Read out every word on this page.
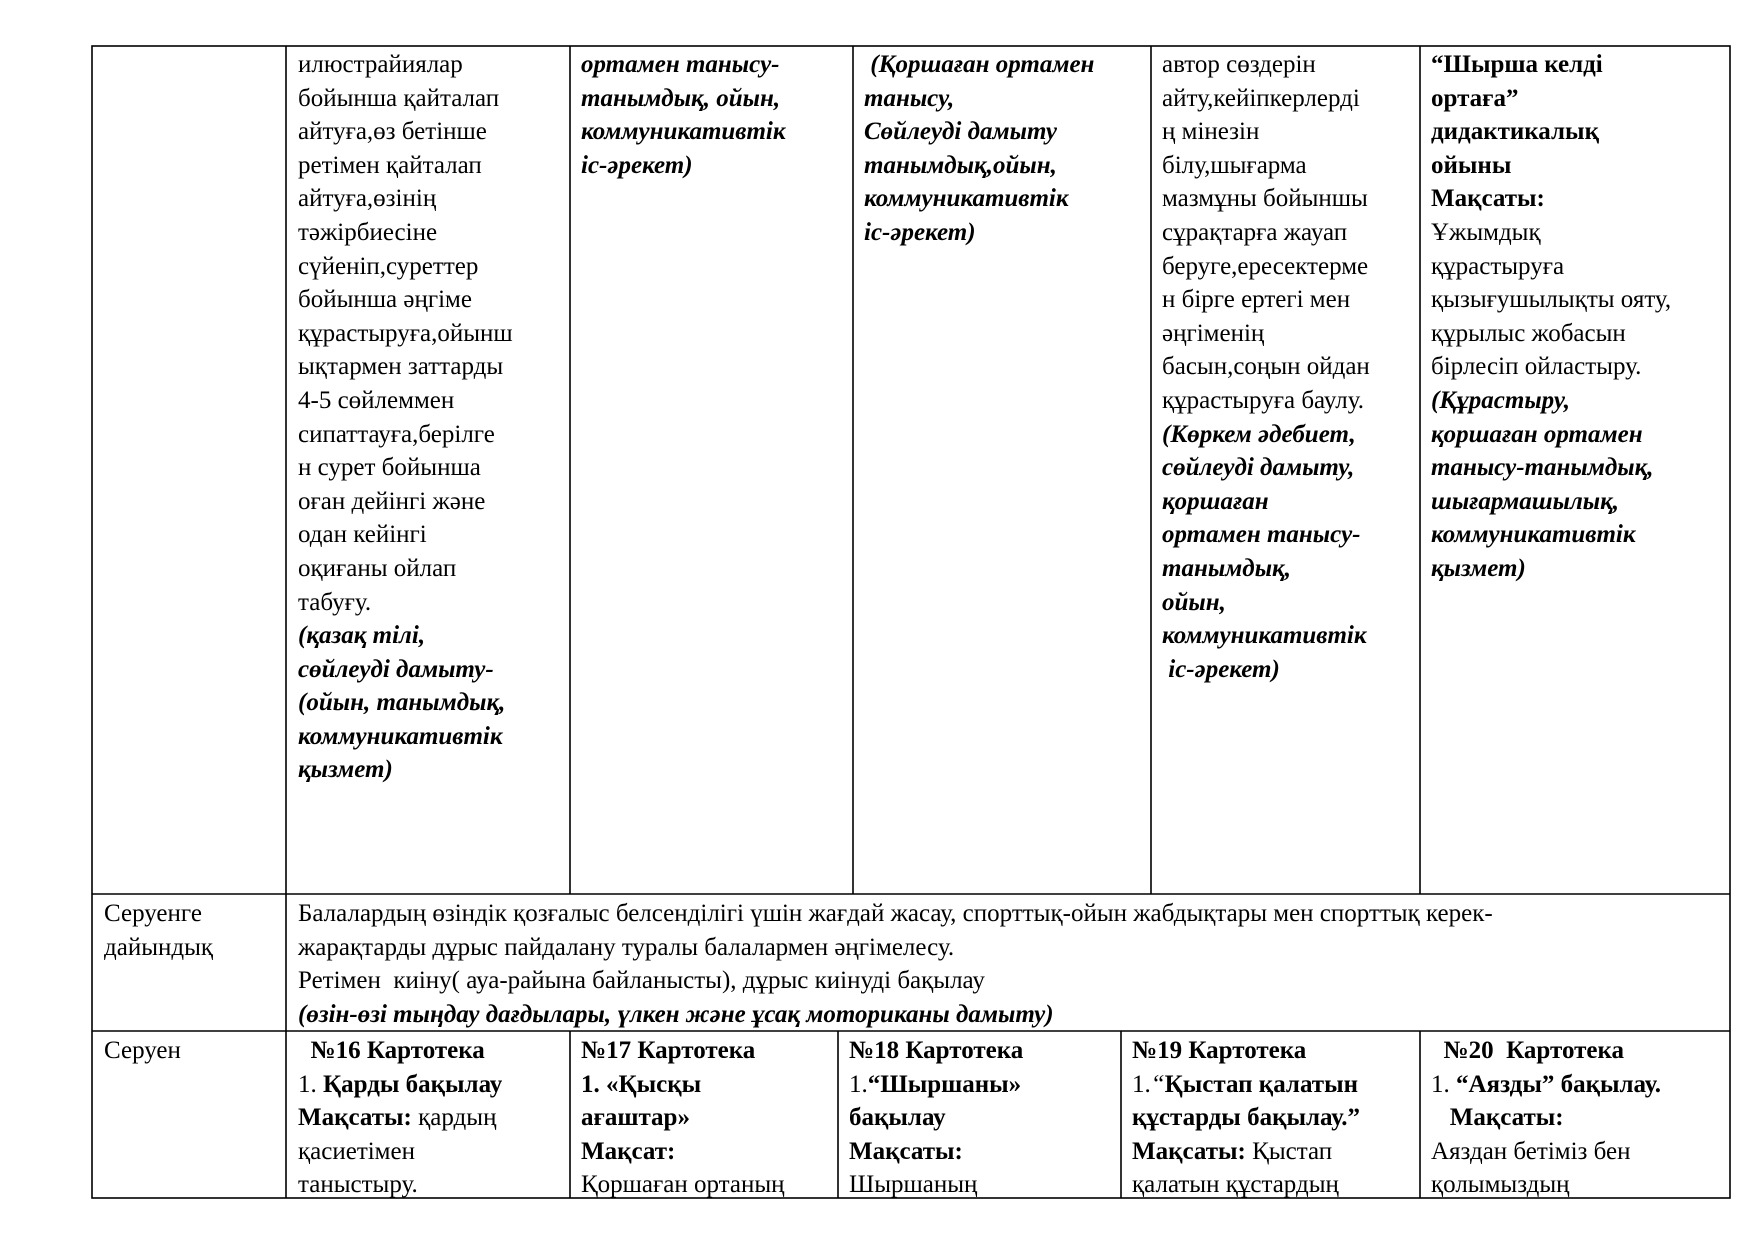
илюстрайиялар
бойынша қайталап
айтуға,өз бетінше
ретімен қайталап
айтуға,өзінің
тәжірбиесіне
сүйеніп,суреттер
бойынша әңгіме
құрастыруға,ойынш
ықтармен заттарды
4-5 сөйлеммен
сипаттауға,берілге
н сурет бойынша
оған дейінгі және
одан кейінгі
оқиғаны ойлап
табуғу.
(қазақ тілі,
сөйлеуді дамыту-
(ойын, танымдық,
коммуникативтік
қызмет)
ортамен танысу-
танымдық, ойын,
коммуникативтік
іс-әрекет)
(Қоршаған ортамен
танысу,
Сөйлеуді дамыту
танымдық,ойын,
коммуникативтік
іс-әрекет)
автор сөздерін
айту,кейіпкерлерді
ң мінезін
білу,шығарма
мазмұны бойыншы
сұрақтарға жауап
беруге,ересектерме
н бірге ертегі мен
әңгіменің
басын,соңын ойдан
құрастыруға баулу.
(Көркем әдебиет,
сөйлеуді дамыту,
қоршаған
ортамен танысу-
танымдық,
ойын,
коммуникативтік
іс-әрекет)
“Шырша келді
ортаға”
дидактикалық
ойыны
Мақсаты:
Ұжымдық
құрастыруға
қызығушылықты ояту,
құрылыс жобасын
бірлесіп ойластыру.
(Құрастыру,
қоршаған ортамен
танысу-танымдық,
шығармашылық,
коммуникативтік
қызмет)
Серуенге
дайындық
Балалардың өзіндік қозғалыс белсенділігі үшін жағдай жасау, спорттық-ойын жабдықтары мен спорттық керек-
жарақтарды дұрыс пайдалану туралы балалармен әңгімелесу.
Ретімен  киіну( ауа-райына байланысты), дұрыс киінуді бақылау
(өзін-өзі тыңдау дағдылары, үлкен және ұсақ моториканы дамыту)
Серуен	№16 Картотека
1. Қарды бақылау
Мақсаты: қардың
қасиетімен
таныстыру.
№17 Картотека
1. «Қысқы
ағаштар»
Мақсат:
Қоршаған ортаның
№18 Картотека
1.“Шыршаны»
бақылау
Мақсаты:
Шыршаның
№19 Картотека
1.“Қыстап қалатын
құстарды бақылау.”
Мақсаты: Қыстап
қалатын құстардың
№20  Картотека
1. “Аязды” бақылау.
Мақсаты:
Аяздан бетіміз бен
қолымыздың
